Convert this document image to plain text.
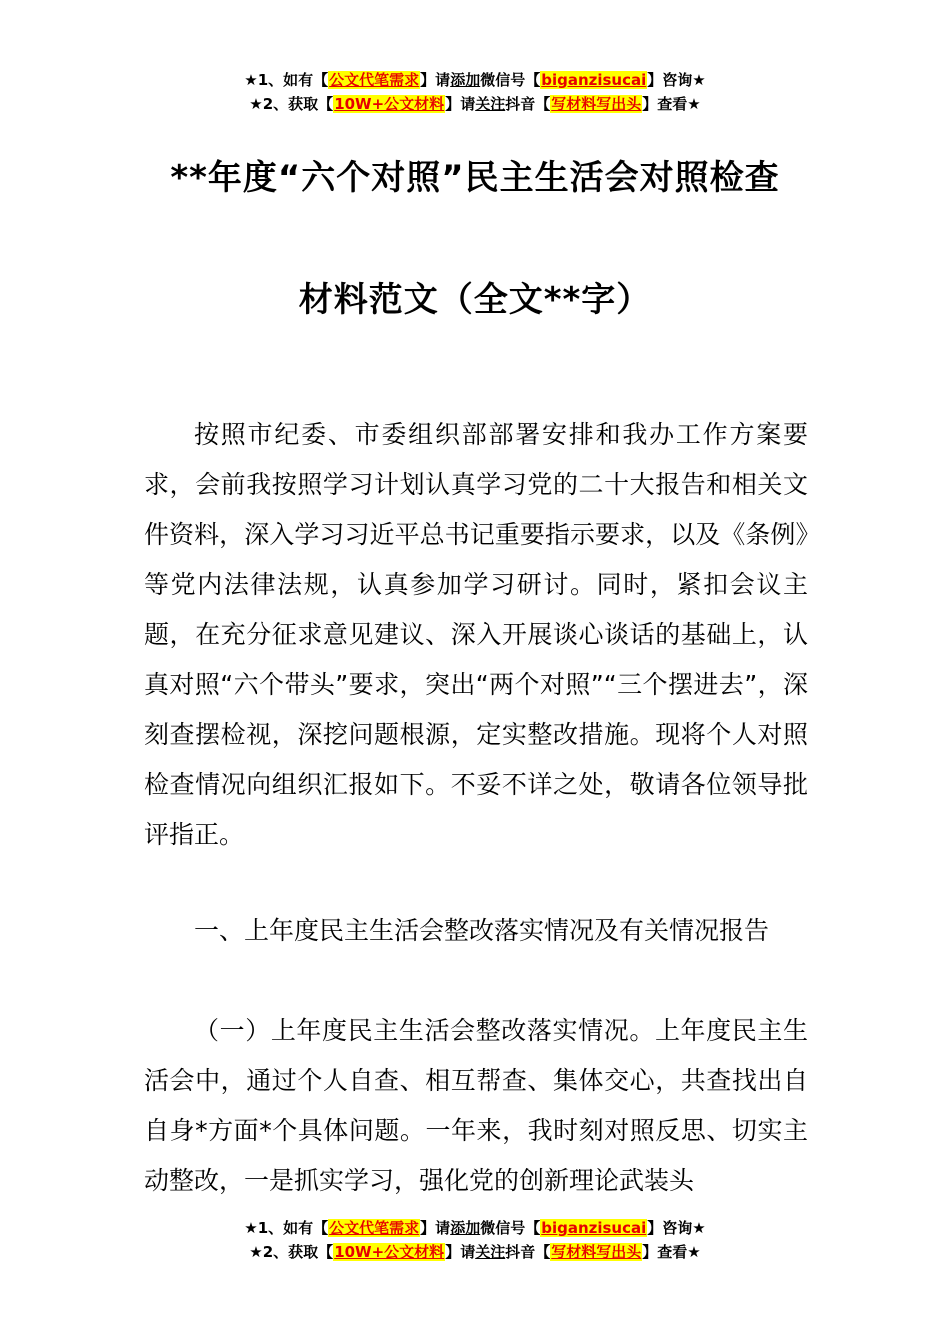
★1、如有【公文代笔需求】请添加微信号【biganzisucai】咨询★
★2、获取【10W+公文材料】请关注抖音【写材料写出头】查看★
**年度“六个对照”民主生活会对照检查
材料范文（全文**字）

按照市纪委、市委组织部部署安排和我办工作方案要求，会前我按照学习计划认真学习党的二十大报告和相关文件资料，深入学习习近平总书记重要指示要求，以及《条例》等党内法律法规，认真参加学习研讨。同时，紧扣会议主题，在充分征求意见建议、深入开展谈心谈话的基础上，认真对照“六个带头”要求，突出“两个对照”“三个摆进去”，深刻查摆检视，深挖问题根源，定实整改措施。现将个人对照检查情况向组织汇报如下。不妥不详之处，敬请各位领导批评指正。

一、上年度民主生活会整改落实情况及有关情况报告

（一）上年度民主生活会整改落实情况。上年度民主生活会中，通过个人自查、相互帮查、集体交心，共查找出自自身*方面*个具体问题。一年来，我时刻对照反思、切实主动整改，一是抓实学习，强化党的创新理论武装头

★1、如有【公文代笔需求】请添加微信号【biganzisucai】咨询★
★2、获取【10W+公文材料】请关注抖音【写材料写出头】查看★
